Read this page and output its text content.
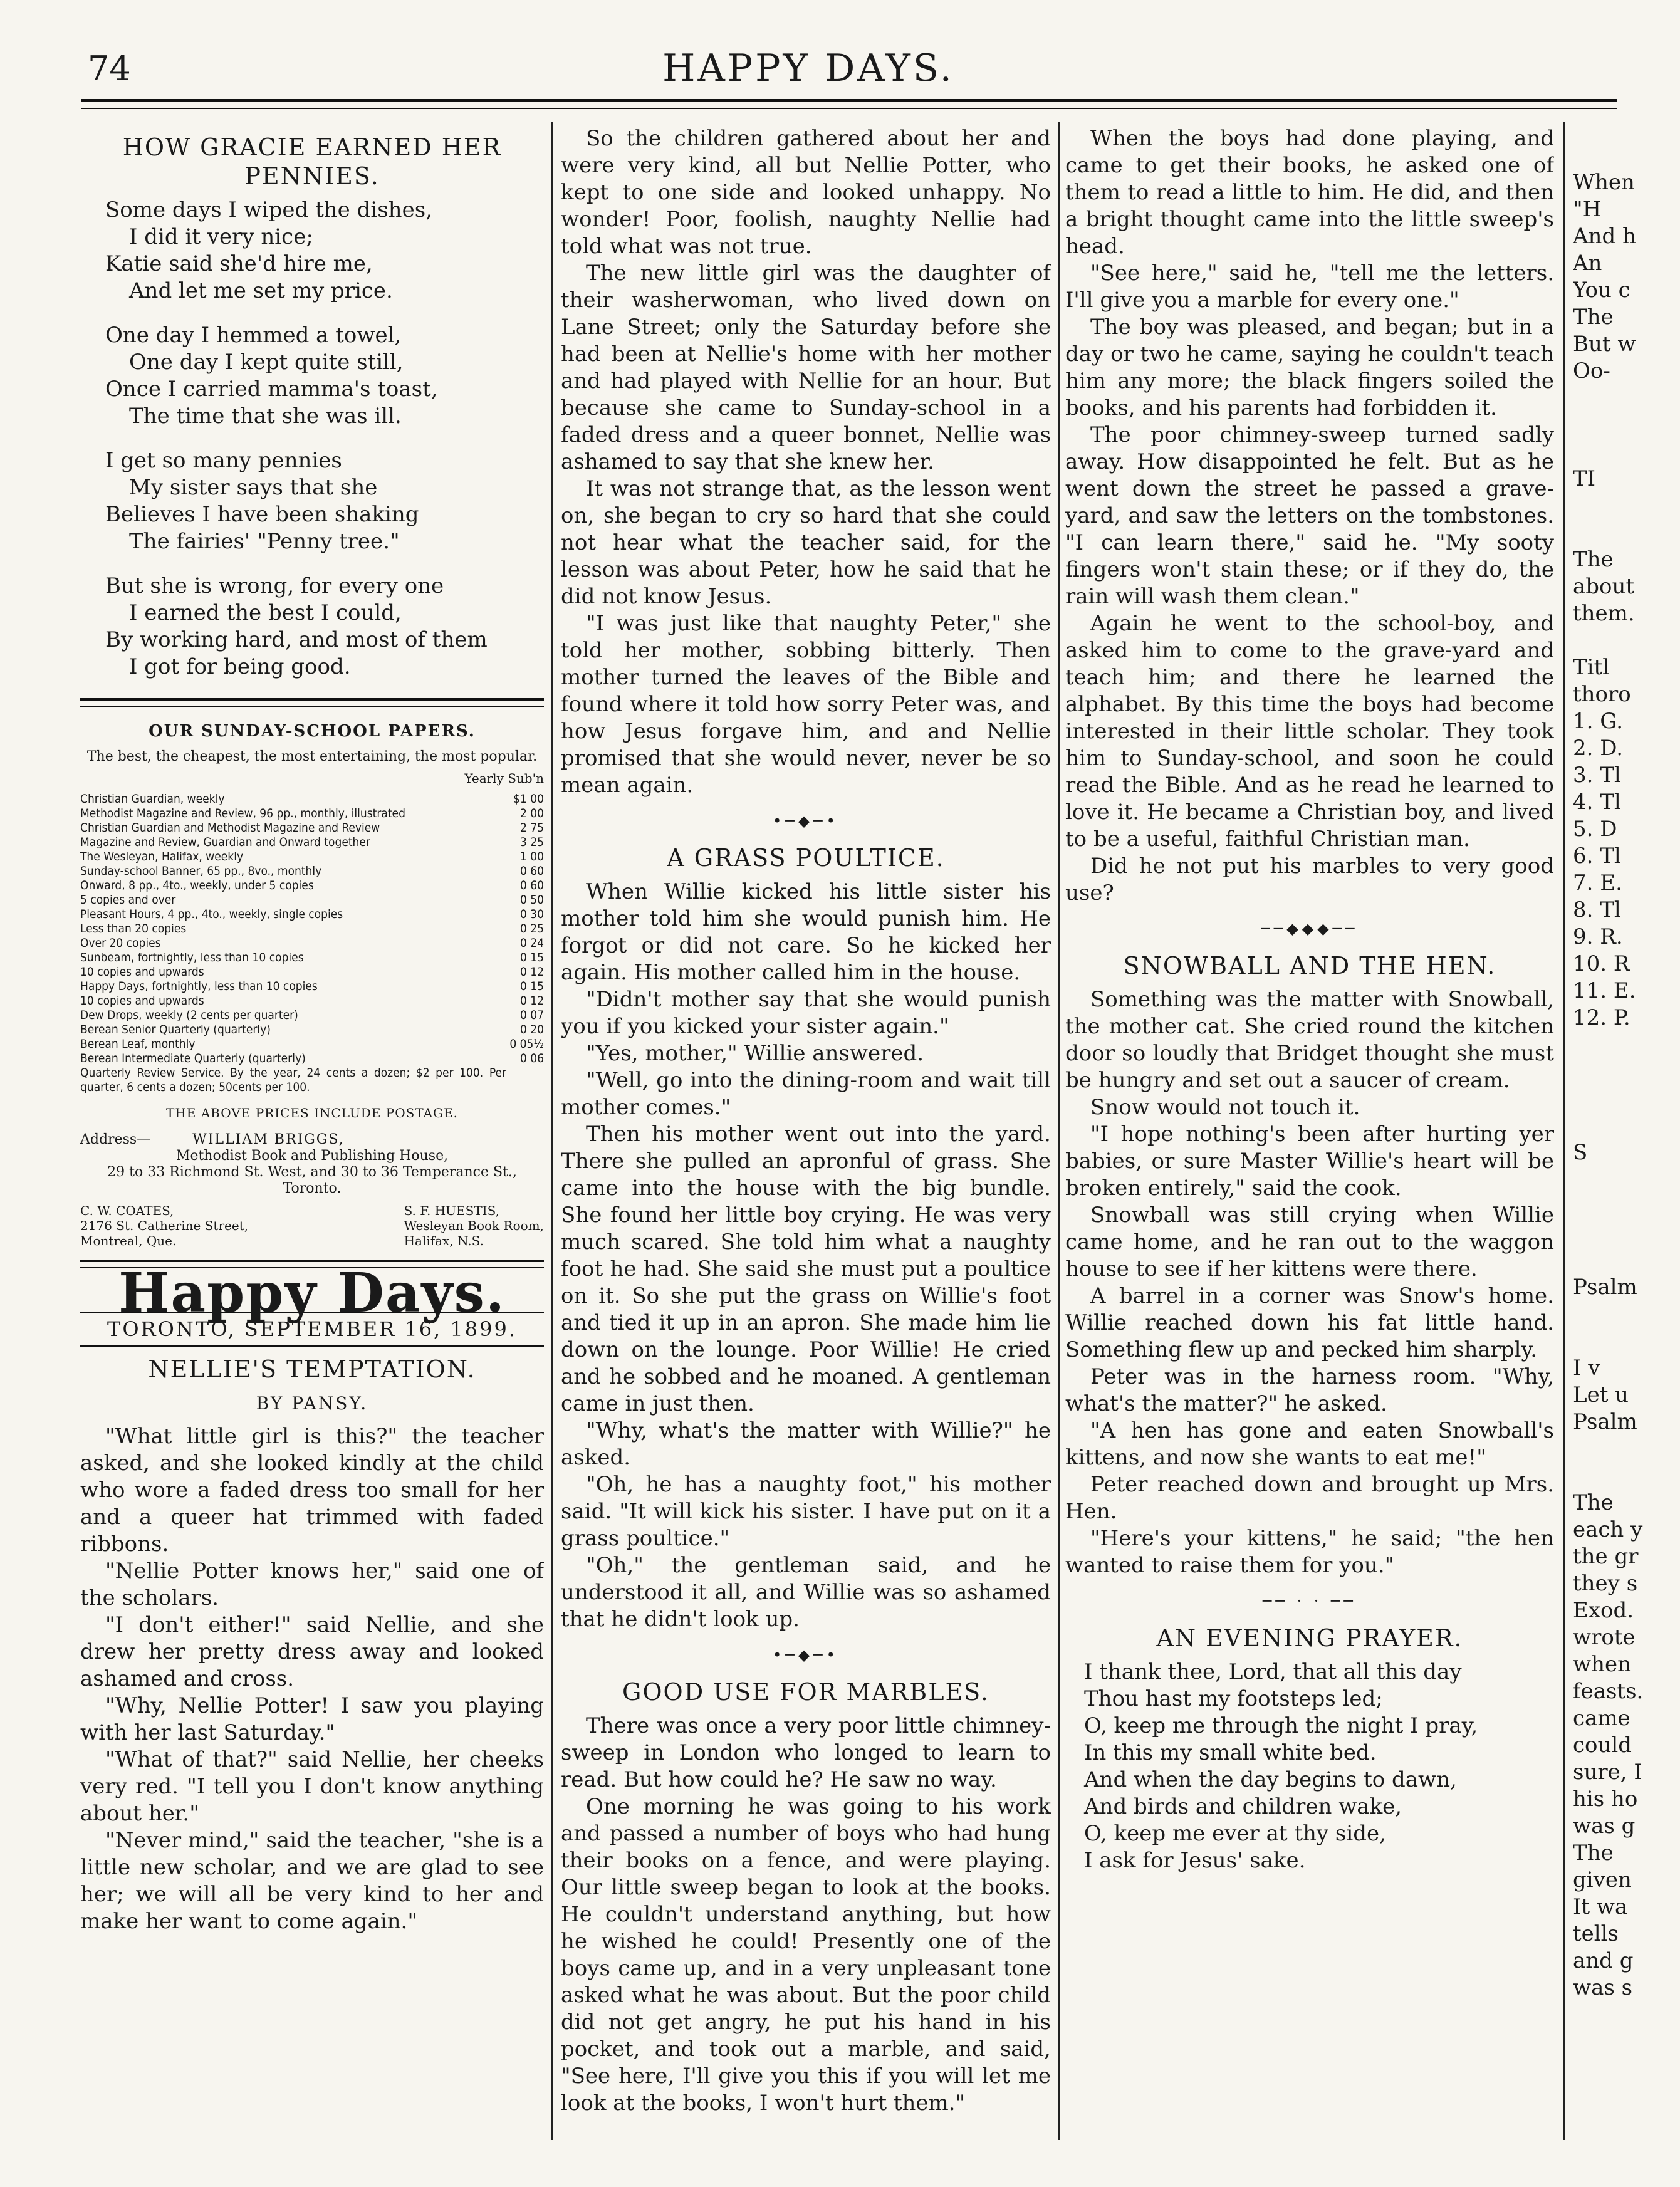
74	HAPPY DAYS.
HOW GRACIE EARNED HER PENNIES.
Some days I wiped the dishes,
I did it very nice;
Katie said she'd hire me,
And let me set my price.
One day I hemmed a towel,
One day I kept quite still,
Once I carried mamma's toast,
The time that she was ill.
I get so many pennies
My sister says that she
Believes I have been shaking
The fairies' "Penny tree."
But she is wrong, for every one
I earned the best I could,
By working hard, and most of them
I got for being good.
OUR SUNDAY-SCHOOL PAPERS.
The best, the cheapest, the most entertaining, the most popular.
Yearly Sub'n
Christian Guardian, weekly	$1 00
Methodist Magazine and Review, 96 pp., monthly, illustrated	2 00
Christian Guardian and Methodist Magazine and Review	2 75
Magazine and Review, Guardian and Onward together	3 25
The Wesleyan, Halifax, weekly	1 00
Sunday-school Banner, 65 pp., 8vo., monthly	0 60
Onward, 8 pp., 4to., weekly, under 5 copies	0 60
5 copies and over	0 50
Pleasant Hours, 4 pp., 4to., weekly, single copies	0 30
Less than 20 copies	0 25
Over 20 copies	0 24
Sunbeam, fortnightly, less than 10 copies	0 15
10 copies and upwards	0 12
Happy Days, fortnightly, less than 10 copies	0 15
10 copies and upwards	0 12
Dew Drops, weekly (2 cents per quarter)	0 07
Berean Senior Quarterly (quarterly)	0 20
Berean Leaf, monthly	0 05½
Berean Intermediate Quarterly (quarterly)	0 06
Quarterly Review Service. By the year, 24 cents a dozen; $2 per 100. Per quarter, 6 cents a dozen; 50cents per 100.	
THE ABOVE PRICES INCLUDE POSTAGE.
Address—	WILLIAM BRIGGS,
Methodist Book and Publishing House,
29 to 33 Richmond St. West, and 30 to 36 Temperance St.,
Toronto.
C. W. COATES,
2176 St. Catherine Street,
Montreal, Que.
S. F. HUESTIS,
Wesleyan Book Room,
Halifax, N.S.
Happy Days.
TORONTO, SEPTEMBER 16, 1899.
NELLIE'S TEMPTATION.
BY PANSY.

"What little girl is this?" the teacher asked, and she looked kindly at the child who wore a faded dress too small for her and a queer hat trimmed with faded ribbons.

"Nellie Potter knows her," said one of the scholars.

"I don't either!" said Nellie, and she drew her pretty dress away and looked ashamed and cross.

"Why, Nellie Potter! I saw you playing with her last Saturday."

"What of that?" said Nellie, her cheeks very red. "I tell you I don't know anything about her."

"Never mind," said the teacher, "she is a little new scholar, and we are glad to see her; we will all be very kind to her and make her want to come again."

So the children gathered about her and were very kind, all but Nellie Potter, who kept to one side and looked unhappy. No wonder! Poor, foolish, naughty Nellie had told what was not true.

The new little girl was the daughter of their washerwoman, who lived down on Lane Street; only the Saturday before she had been at Nellie's home with her mother and had played with Nellie for an hour. But because she came to Sunday-school in a faded dress and a queer bonnet, Nellie was ashamed to say that she knew her.

It was not strange that, as the lesson went on, she began to cry so hard that she could not hear what the teacher said, for the lesson was about Peter, how he said that he did not know Jesus.

"I was just like that naughty Peter," she told her mother, sobbing bitterly. Then mother turned the leaves of the Bible and found where it told how sorry Peter was, and how Jesus forgave him, and and Nellie promised that she would never, never be so mean again.

•─◆─•
A GRASS POULTICE.

When Willie kicked his little sister his mother told him she would punish him. He forgot or did not care. So he kicked her again. His mother called him in the house.

"Didn't mother say that she would punish you if you kicked your sister again."

"Yes, mother," Willie answered.

"Well, go into the dining-room and wait till mother comes."

Then his mother went out into the yard. There she pulled an apronful of grass. She came into the house with the big bundle. She found her little boy crying. He was very much scared. She told him what a naughty foot he had. She said she must put a poultice on it. So she put the grass on Willie's foot and tied it up in an apron. She made him lie down on the lounge. Poor Willie! He cried and he sobbed and he moaned. A gentleman came in just then.

"Why, what's the matter with Willie?" he asked.

"Oh, he has a naughty foot," his mother said. "It will kick his sister. I have put on it a grass poultice."

"Oh," the gentleman said, and he understood it all, and Willie was so ashamed that he didn't look up.

•─◆─•
GOOD USE FOR MARBLES.

There was once a very poor little chimney-sweep in London who longed to learn to read. But how could he? He saw no way.

One morning he was going to his work and passed a number of boys who had hung their books on a fence, and were playing. Our little sweep began to look at the books. He couldn't understand anything, but how he wished he could! Presently one of the boys came up, and in a very unpleasant tone asked what he was about. But the poor child did not get angry, he put his hand in his pocket, and took out a marble, and said, "See here, I'll give you this if you will let me look at the books, I won't hurt them."

When the boys had done playing, and came to get their books, he asked one of them to read a little to him. He did, and then a bright thought came into the little sweep's head.

"See here," said he, "tell me the letters. I'll give you a marble for every one."

The boy was pleased, and began; but in a day or two he came, saying he couldn't teach him any more; the black fingers soiled the books, and his parents had forbidden it.

The poor chimney-sweep turned sadly away. How disappointed he felt. But as he went down the street he passed a grave-yard, and saw the letters on the tombstones. "I can learn there," said he. "My sooty fingers won't stain these; or if they do, the rain will wash them clean."

Again he went to the school-boy, and asked him to come to the grave-yard and teach him; and there he learned the alphabet. By this time the boys had become interested in their little scholar. They took him to Sunday-school, and soon he could read the Bible. And as he read he learned to love it. He became a Christian boy, and lived to be a useful, faithful Christian man.

Did he not put his marbles to very good use?

──◆◆◆──
SNOWBALL AND THE HEN.

Something was the matter with Snowball, the mother cat. She cried round the kitchen door so loudly that Bridget thought she must be hungry and set out a saucer of cream.

Snow would not touch it.

"I hope nothing's been after hurting yer babies, or sure Master Willie's heart will be broken entirely," said the cook.

Snowball was still crying when Willie came home, and he ran out to the waggon house to see if her kittens were there.

A barrel in a corner was Snow's home. Willie reached down his fat little hand. Something flew up and pecked him sharply.

Peter was in the harness room. "Why, what's the matter?" he asked.

"A hen has gone and eaten Snowball's kittens, and now she wants to eat me!"

Peter reached down and brought up Mrs. Hen.

"Here's your kittens," he said; "the hen wanted to raise them for you."

── · · ──
AN EVENING PRAYER.
I thank thee, Lord, that all this day
Thou hast my footsteps led;
O, keep me through the night I pray,
In this my small white bed.
And when the day begins to dawn,
And birds and children wake,
O, keep me ever at thy side,
I ask for Jesus' sake.
When
"H
And h
An
You c
The
But w
Oo-
TI
The
about
them.
Titl
thoro
1. G.
2. D.
3. Tl
4. Tl
5. D
6. Tl
7. E.
8. Tl
9. R.
10. R
11. E.
12. P.
S
Psalm
I v
Let u
Psalm
The
each y
the gr
they s
Exod.
wrote
when
feasts.
came
could
sure, I
his ho
was g
The
given
It wa
tells
and g
was s
